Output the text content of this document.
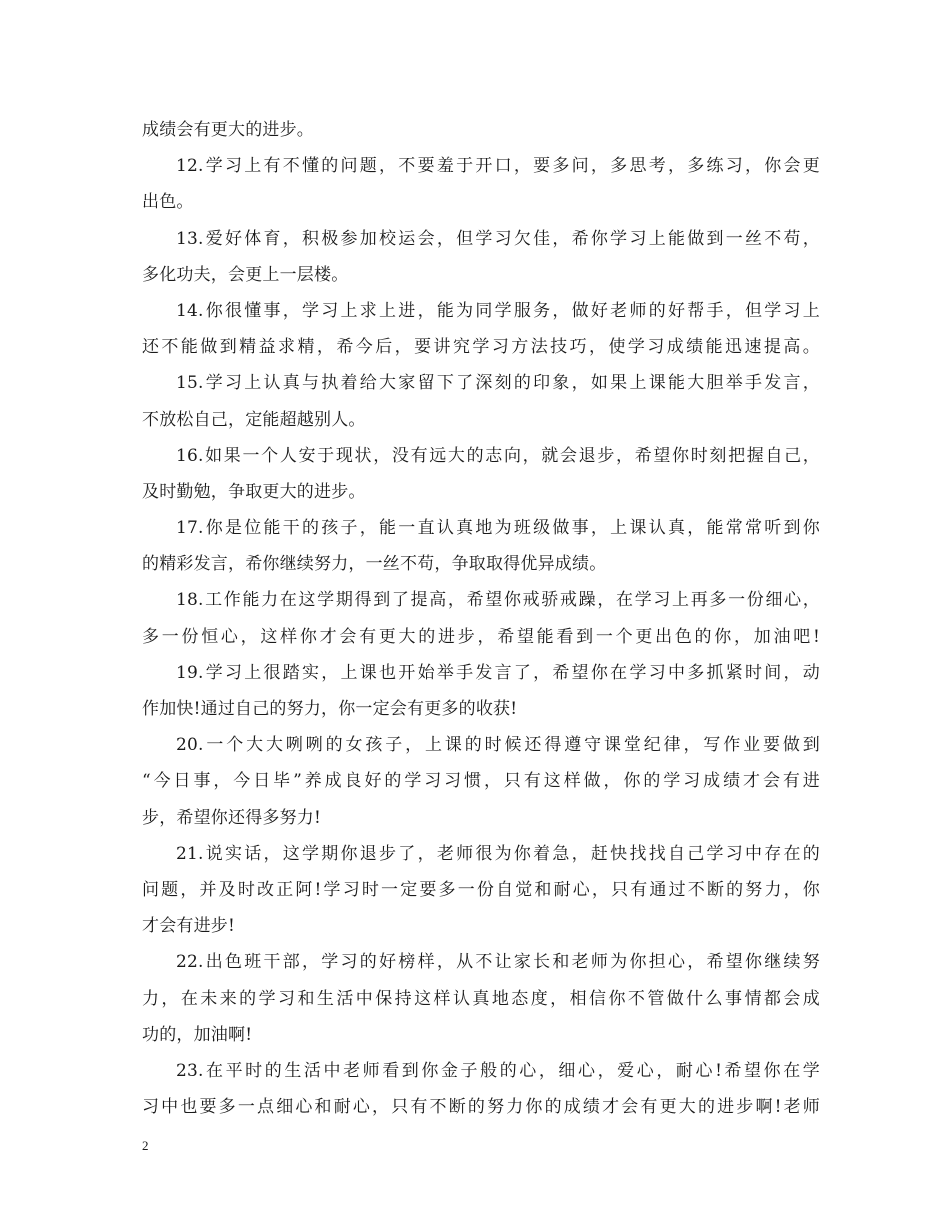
成绩会有更大的进步。
12.学习上有不懂的问题，不要羞于开口，要多问，多思考，多练习，你会更
出色。
13.爱好体育，积极参加校运会，但学习欠佳，希你学习上能做到一丝不苟，
多化功夫，会更上一层楼。
14.你很懂事，学习上求上进，能为同学服务，做好老师的好帮手，但学习上
还不能做到精益求精，希今后，要讲究学习方法技巧，使学习成绩能迅速提高。
15.学习上认真与执着给大家留下了深刻的印象，如果上课能大胆举手发言，
不放松自己，定能超越别人。
16.如果一个人安于现状，没有远大的志向，就会退步，希望你时刻把握自己，
及时勤勉，争取更大的进步。
17.你是位能干的孩子，能一直认真地为班级做事，上课认真，能常常听到你
的精彩发言，希你继续努力，一丝不苟，争取取得优异成绩。
18.工作能力在这学期得到了提高，希望你戒骄戒躁，在学习上再多一份细心，
多一份恒心，这样你才会有更大的进步，希望能看到一个更出色的你，加油吧!
19.学习上很踏实，上课也开始举手发言了，希望你在学习中多抓紧时间，动
作加快!通过自己的努力，你一定会有更多的收获!
20.一个大大咧咧的女孩子，上课的时候还得遵守课堂纪律，写作业要做到
“今日事，今日毕”养成良好的学习习惯，只有这样做，你的学习成绩才会有进
步，希望你还得多努力!
21.说实话，这学期你退步了，老师很为你着急，赶快找找自己学习中存在的
问题，并及时改正阿!学习时一定要多一份自觉和耐心，只有通过不断的努力，你
才会有进步!
22.出色班干部，学习的好榜样，从不让家长和老师为你担心，希望你继续努
力，在未来的学习和生活中保持这样认真地态度，相信你不管做什么事情都会成
功的，加油啊!
23.在平时的生活中老师看到你金子般的心，细心，爱心，耐心!希望你在学
习中也要多一点细心和耐心，只有不断的努力你的成绩才会有更大的进步啊!老师
2
